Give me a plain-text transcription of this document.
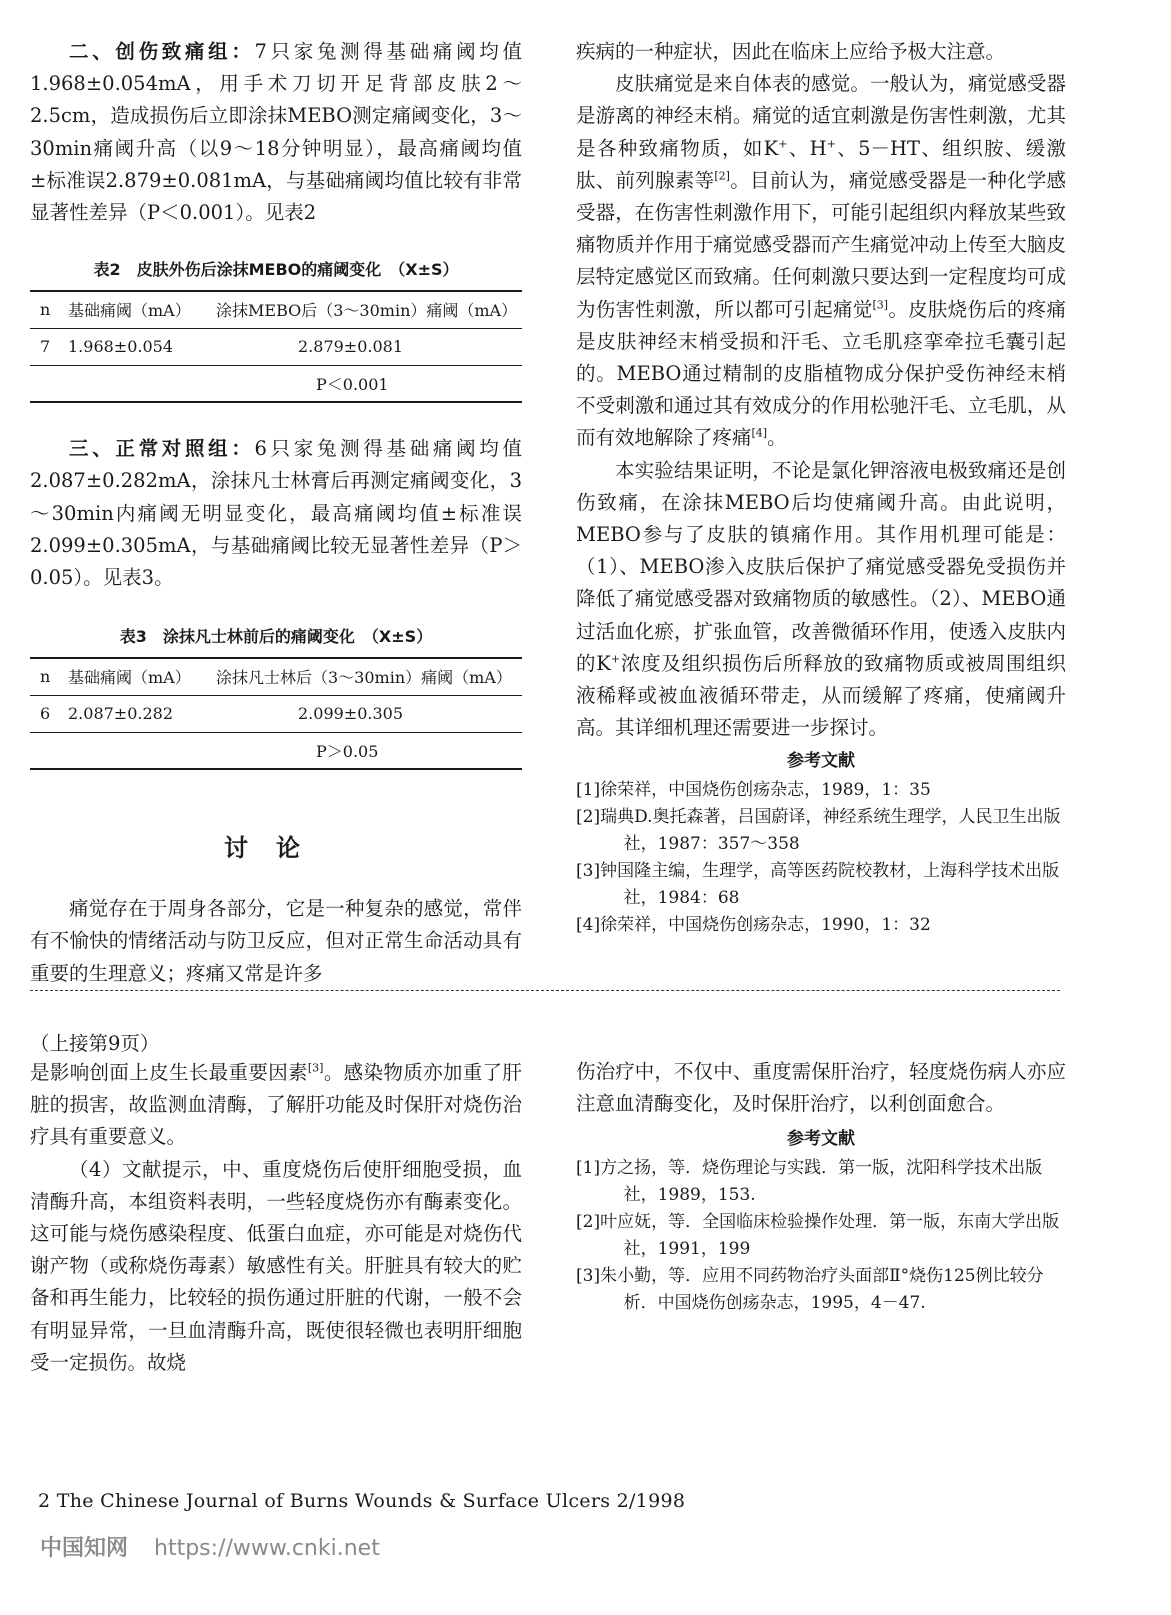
二、创伤致痛组：7只家兔测得基础痛阈均值1.968±0.054mA，用手术刀切开足背部皮肤2～2.5cm，造成损伤后立即涂抹MEBO测定痛阈变化，3～30min痛阈升高（以9～18分钟明显），最高痛阈均值±标准误2.879±0.081mA，与基础痛阈均值比较有非常显著性差异（P＜0.001）。见表2

表2　皮肤外伤后涂抹MEBO的痛阈变化　（X±S）
n	基础痛阈（mA）	涂抹MEBO后（3～30min）痛阈（mA）
7	1.968±0.054	2.879±0.081
		P＜0.001

三、正常对照组：6只家兔测得基础痛阈均值2.087±0.282mA，涂抹凡士林膏后再测定痛阈变化，3～30min内痛阈无明显变化，最高痛阈均值±标准误2.099±0.305mA，与基础痛阈比较无显著性差异（P＞0.05）。见表3。

表3　涂抹凡士林前后的痛阈变化　（X±S）
n	基础痛阈（mA）	涂抹凡士林后（3～30min）痛阈（mA）
6	2.087±0.282	2.099±0.305
		P＞0.05
讨论

痛觉存在于周身各部分，它是一种复杂的感觉，常伴有不愉快的情绪活动与防卫反应，但对正常生命活动具有重要的生理意义；疼痛又常是许多

疾病的一种症状，因此在临床上应给予极大注意。

皮肤痛觉是来自体表的感觉。一般认为，痛觉感受器是游离的神经末梢。痛觉的适宜刺激是伤害性刺激，尤其是各种致痛物质，如K+、H+、5－HT、组织胺、缓激肽、前列腺素等[2]。目前认为，痛觉感受器是一种化学感受器，在伤害性刺激作用下，可能引起组织内释放某些致痛物质并作用于痛觉感受器而产生痛觉冲动上传至大脑皮层特定感觉区而致痛。任何刺激只要达到一定程度均可成为伤害性刺激，所以都可引起痛觉[3]。皮肤烧伤后的疼痛是皮肤神经末梢受损和汗毛、立毛肌痉挛牵拉毛囊引起的。MEBO通过精制的皮脂植物成分保护受伤神经末梢不受刺激和通过其有效成分的作用松驰汗毛、立毛肌，从而有效地解除了疼痛[4]。

本实验结果证明，不论是氯化钾溶液电极致痛还是创伤致痛，在涂抹MEBO后均使痛阈升高。由此说明，MEBO参与了皮肤的镇痛作用。其作用机理可能是：（1）、MEBO渗入皮肤后保护了痛觉感受器免受损伤并降低了痛觉感受器对致痛物质的敏感性。（2）、MEBO通过活血化瘀，扩张血管，改善微循环作用，使透入皮肤内的K+浓度及组织损伤后所释放的致痛物质或被周围组织液稀释或被血液循环带走，从而缓解了疼痛，使痛阈升高。其详细机理还需要进一步探讨。

参考文献

[1]徐荣祥，中国烧伤创疡杂志，1989，1：35

[2]瑞典D.奥托森著，吕国蔚译，神经系统生理学，人民卫生出版社，1987：357～358

[3]钟国隆主编，生理学，高等医药院校教材，上海科学技术出版社，1984：68

[4]徐荣祥，中国烧伤创疡杂志，1990，1：32

（上接第9页）

是影响创面上皮生长最重要因素[3]。感染物质亦加重了肝脏的损害，故监测血清酶，了解肝功能及时保肝对烧伤治疗具有重要意义。

（4）文献提示，中、重度烧伤后使肝细胞受损，血清酶升高，本组资料表明，一些轻度烧伤亦有酶素变化。这可能与烧伤感染程度、低蛋白血症，亦可能是对烧伤代谢产物（或称烧伤毒素）敏感性有关。肝脏具有较大的贮备和再生能力，比较轻的损伤通过肝脏的代谢，一般不会有明显异常，一旦血清酶升高，既使很轻微也表明肝细胞受一定损伤。故烧

伤治疗中，不仅中、重度需保肝治疗，轻度烧伤病人亦应注意血清酶变化，及时保肝治疗，以利创面愈合。

参考文献

[1]方之扬，等．烧伤理论与实践．第一版，沈阳科学技术出版社，1989，153.

[2]叶应妩，等．全国临床检验操作处理．第一版，东南大学出版社，1991，199

[3]朱小勤，等．应用不同药物治疗头面部Ⅱ°烧伤125例比较分析．中国烧伤创疡杂志，1995，4－47.

2 The Chinese Journal of Burns Wounds & Surface Ulcers 2/1998
中国知网 https://www.cnki.net
